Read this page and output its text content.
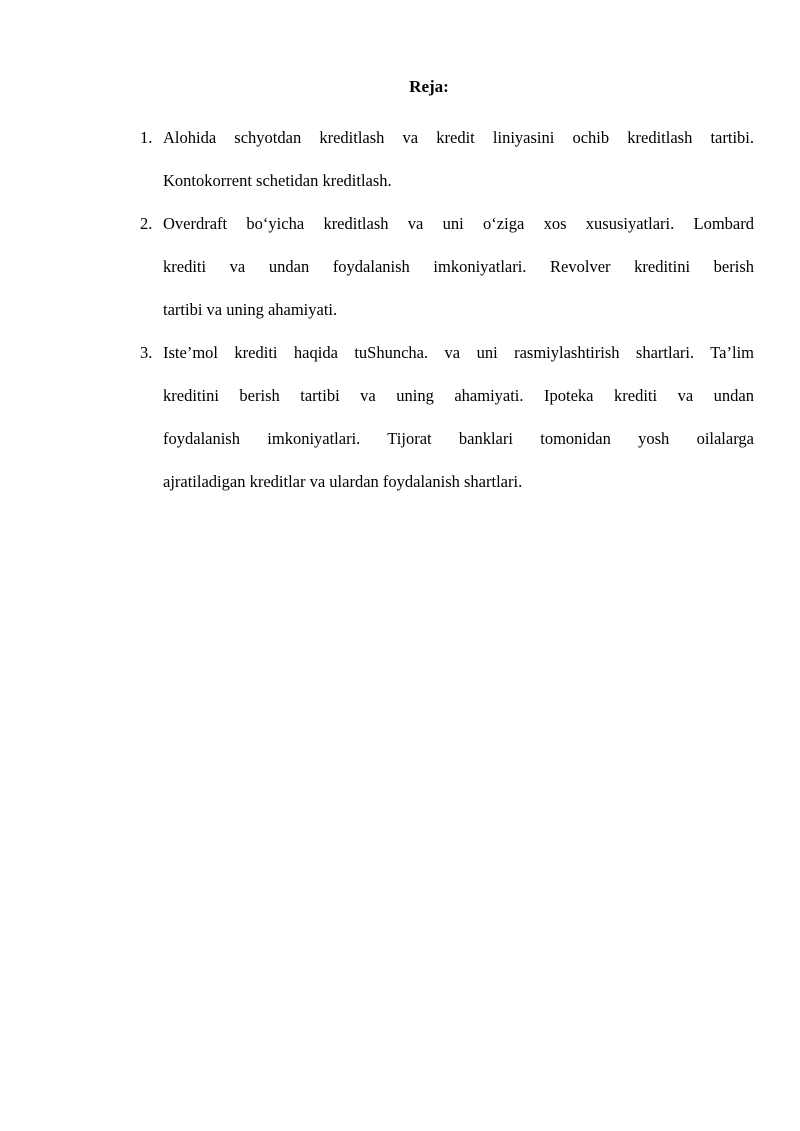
Reja:
1. Alohida schyotdan kreditlash va kredit liniyasini ochib kreditlash tartibi.
Kontokorrent schetidan kreditlash.
2. Overdraft bo‘yicha kreditlash va uni o‘ziga xos xususiyatlari. Lombard
krediti va undan foydalanish imkoniyatlari. Revolver kreditini berish
tartibi va uning ahamiyati.
3. Iste’mol krediti haqida tuShuncha. va uni rasmiylashtirish shartlari. Ta’lim
kreditini berish tartibi va uning ahamiyati. Ipoteka krediti va undan
foydalanish imkoniyatlari. Tijorat banklari tomonidan yosh oilalarga
ajratiladigan kreditlar va ulardan foydalanish shartlari.
